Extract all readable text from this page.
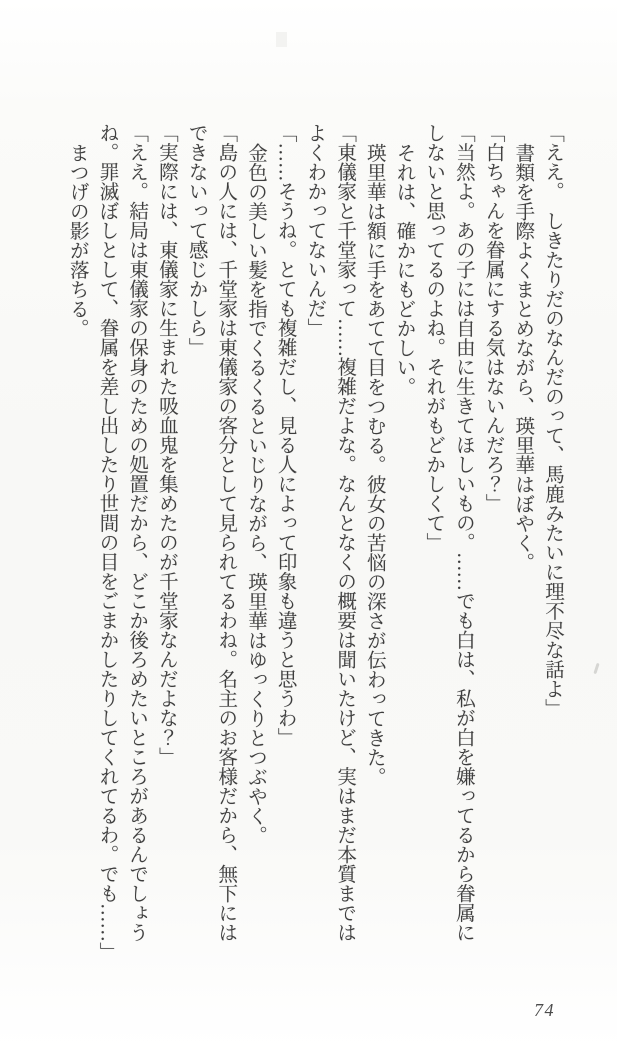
「ええ。　しきたりだのなんだのって、馬鹿みたいに理不尽な話よ」

書類を手際よくまとめながら、瑛里華はぼやく。

「白ちゃんを眷属にする気はないんだろ？」

「当然よ。あの子には自由に生きてほしいもの。……でも白は、私が白を嫌ってるから眷属に

しないと思ってるのよね。それがもどかしくて」

それは、確かにもどかしい。

瑛里華は額に手をあてて目をつむる。彼女の苦悩の深さが伝わってきた。

「東儀家と千堂家って……複雑だよな。なんとなくの概要は聞いたけど、実はまだ本質までは

よくわかってないんだ」

「……そうね。とても複雑だし、見る人によって印象も違うと思うわ」

金色の美しい髪を指でくるくるといじりながら、瑛里華はゆっくりとつぶやく。

「島の人には、千堂家は東儀家の客分として見られてるわね。名主のお客様だから、無下には

できないって感じかしら」

「実際には、東儀家に生まれた吸血鬼を集めたのが千堂家なんだよな？」

「ええ。結局は東儀家の保身のための処置だから、どこか後ろめたいところがあるんでしょう

ね。罪滅ぼしとして、眷属を差し出したり世間の目をごまかしたりしてくれてるわ。でも……」

まつげの影が落ちる。

74
